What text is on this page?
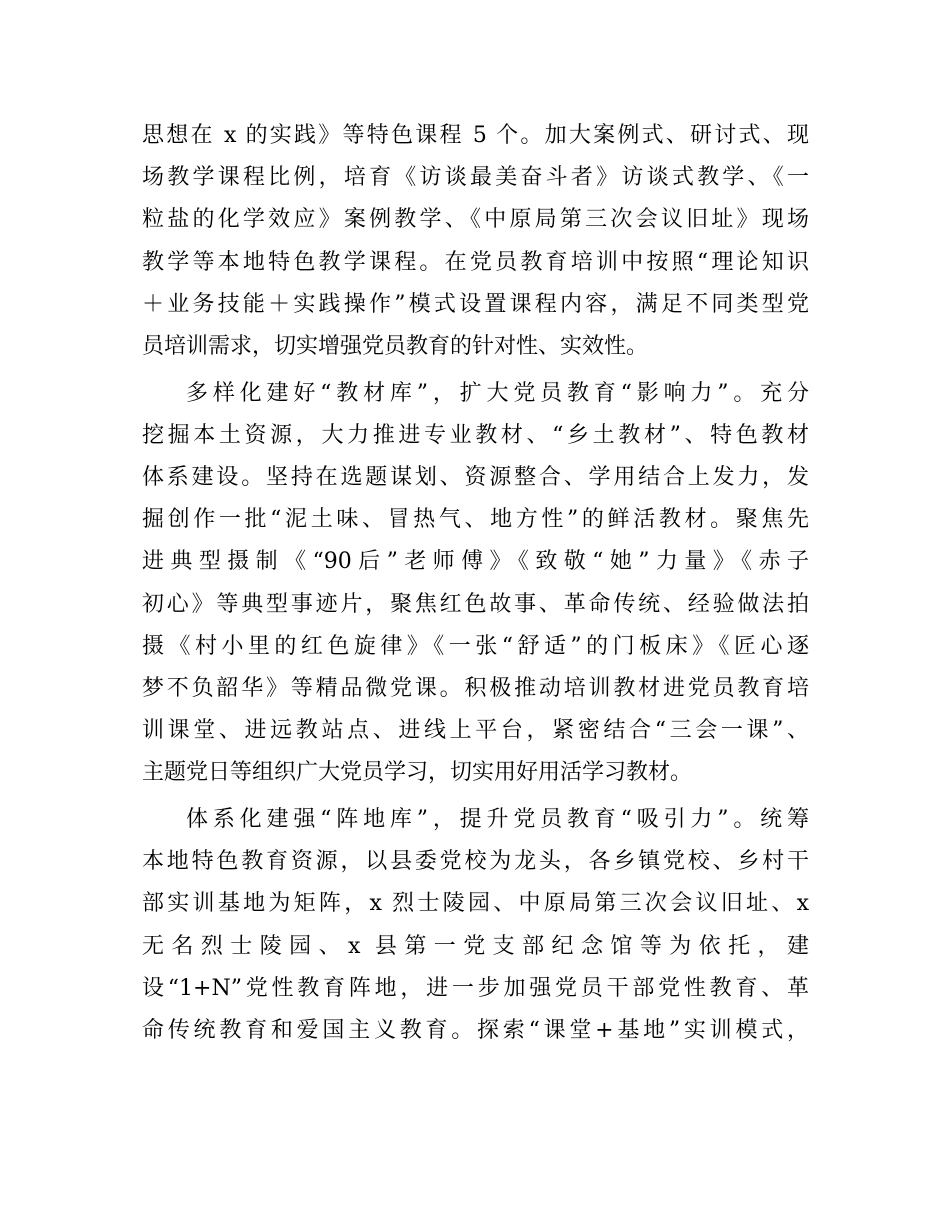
思想在 x 的实践》等特色课程 5 个。加大案例式、研讨式、现
场教学课程比例，培育《访谈最美奋斗者》访谈式教学、《一
粒盐的化学效应》案例教学、《中原局第三次会议旧址》现场
教学等本地特色教学课程。在党员教育培训中按照“理论知识
＋业务技能＋实践操作”模式设置课程内容，满足不同类型党
员培训需求，切实增强党员教育的针对性、实效性。

多样化建好“教材库”，扩大党员教育“影响力”。充分
挖掘本土资源，大力推进专业教材、“乡土教材”、特色教材
体系建设。坚持在选题谋划、资源整合、学用结合上发力，发
掘创作一批“泥土味、冒热气、地方性”的鲜活教材。聚焦先
进典型摄制《“90后”老师傅》《致敬“她”力量》《赤子
初心》等典型事迹片，聚焦红色故事、革命传统、经验做法拍
摄《村小里的红色旋律》《一张“舒适”的门板床》《匠心逐
梦不负韶华》等精品微党课。积极推动培训教材进党员教育培
训课堂、进远教站点、进线上平台，紧密结合“三会一课”、
主题党日等组织广大党员学习，切实用好用活学习教材。

体系化建强“阵地库”，提升党员教育“吸引力”。统筹
本地特色教育资源，以县委党校为龙头，各乡镇党校、乡村干
部实训基地为矩阵，x 烈士陵园、中原局第三次会议旧址、x
无名烈士陵园、x 县第一党支部纪念馆等为依托，建
设“1+N”党性教育阵地，进一步加强党员干部党性教育、革
命传统教育和爱国主义教育。探索“课堂+基地”实训模式，
